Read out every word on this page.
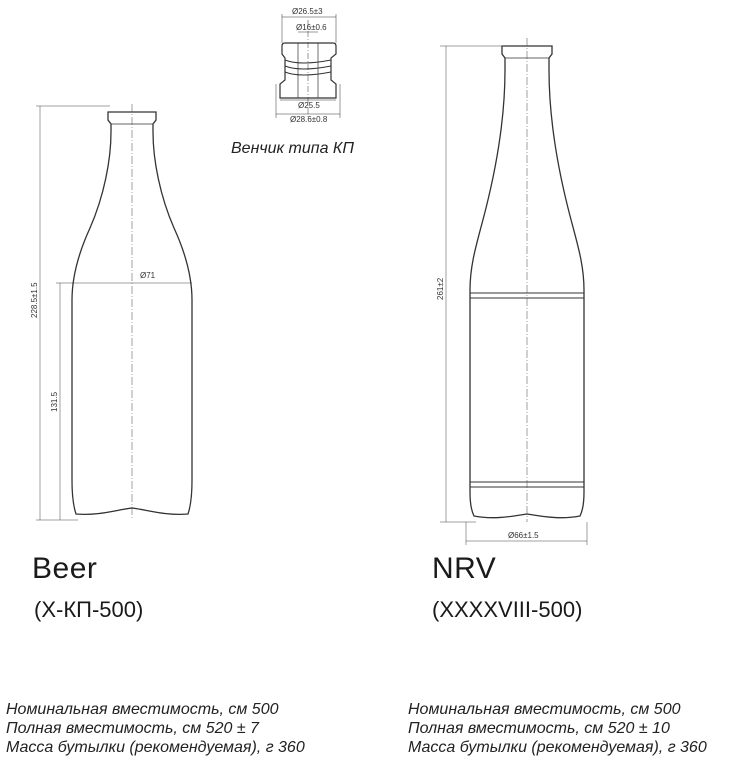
Ø26.5±3
Ø16±0.6
Ø25.5
Ø28.6±0.8
Ø71
228.5±1.5
131.5
261±2
Ø66±1.5
Венчик типа КП
Beer
(Х-КП-500)
NRV
(XXXXVIII-500)
Номинальная вместимость, см 500
Полная вместимость, см 520 ± 7
Масса бутылки (рекомендуемая), г 360
Номинальная вместимость, см 500
Полная вместимость, см 520 ± 10
Масса бутылки (рекомендуемая), г 360
